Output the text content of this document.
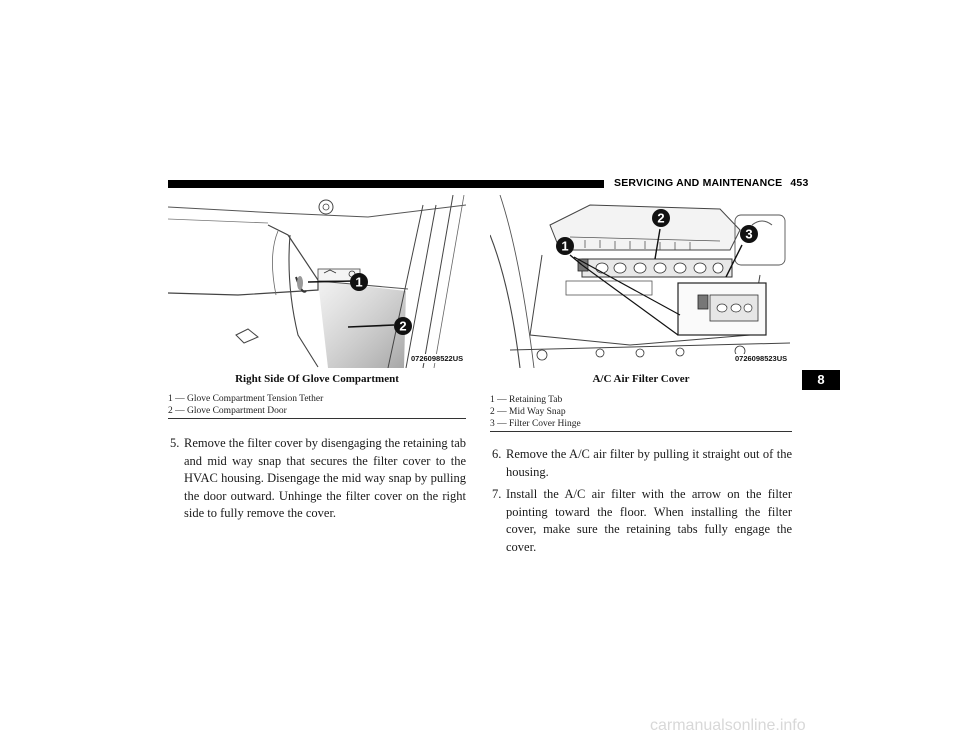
SERVICING AND MAINTENANCE 453
8
1
2
0726098522US
Right Side Of Glove Compartment
1 — Glove Compartment Tension Tether
2 — Glove Compartment Door
1
2
3
0726098523US
A/C Air Filter Cover
1 — Retaining Tab
2 — Mid Way Snap
3 — Filter Cover Hinge
5. Remove the filter cover by disengaging the retaining tab and mid way snap that secures the filter cover to the HVAC housing. Disengage the mid way snap by pulling the door outward. Unhinge the filter cover on the right side to fully remove the cover.
6. Remove the A/C air filter by pulling it straight out of the housing.
7. Install the A/C air filter with the arrow on the filter pointing toward the floor. When installing the filter cover, make sure the retaining tabs fully engage the cover.
carmanualsonline.info
